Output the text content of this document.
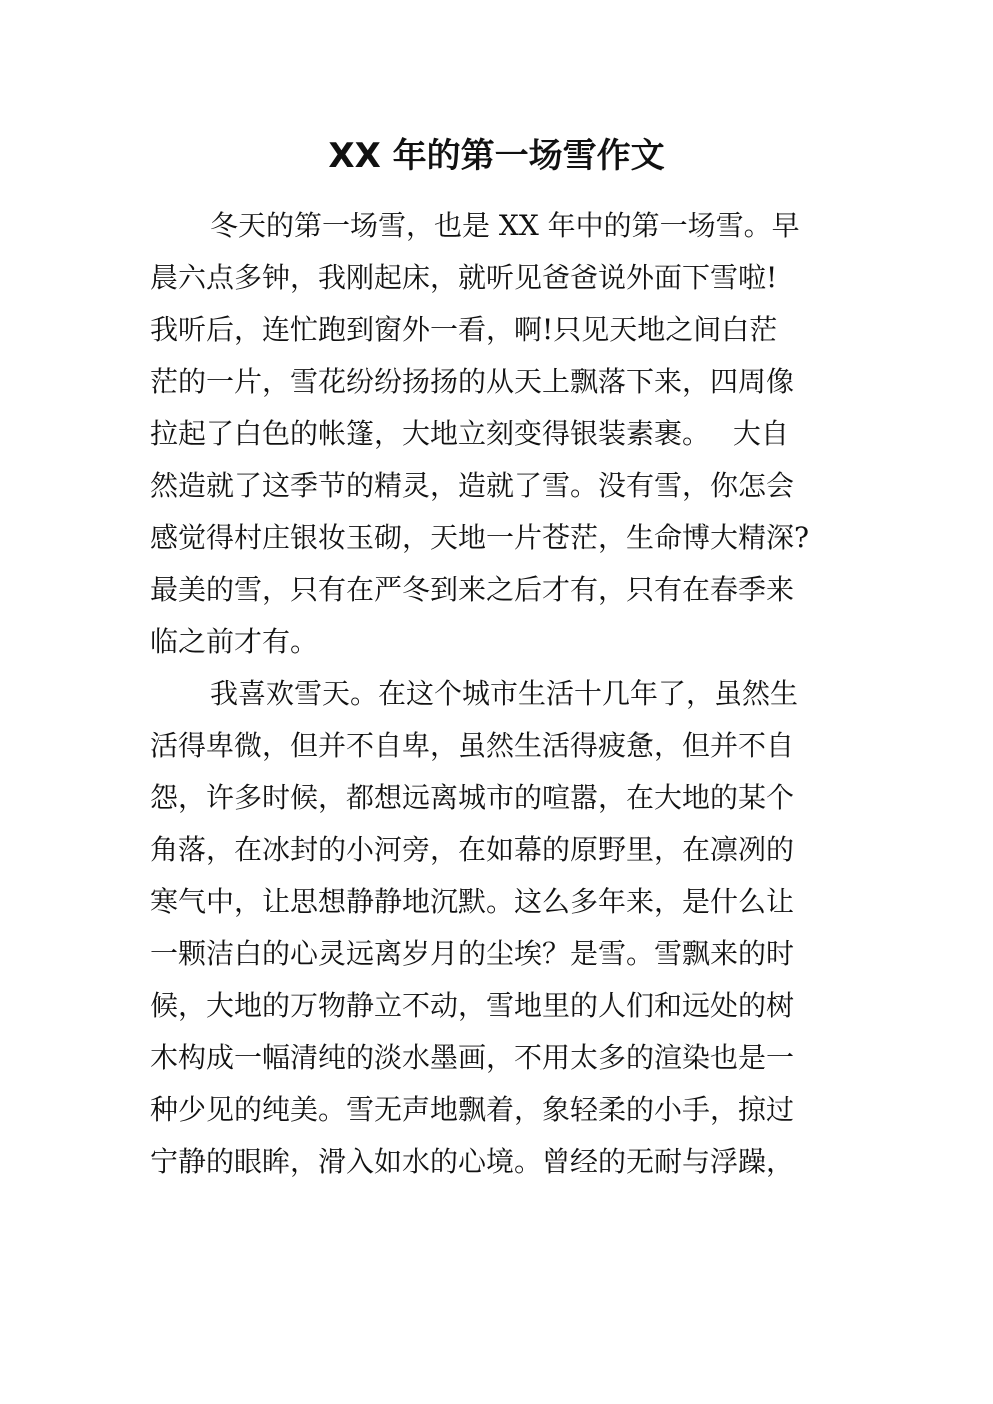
XX 年的第一场雪作文
冬天的第一场雪，也是 XX 年中的第一场雪。早
晨六点多钟，我刚起床，就听见爸爸说外面下雪啦!
我听后，连忙跑到窗外一看，啊!只见天地之间白茫
茫的一片，雪花纷纷扬扬的从天上飘落下来，四周像
拉起了白色的帐篷，大地立刻变得银装素裹。　 大自
然造就了这季节的精灵，造就了雪。没有雪，你怎会
感觉得村庄银妆玉砌，天地一片苍茫，生命博大精深?
最美的雪，只有在严冬到来之后才有，只有在春季来
临之前才有。
我喜欢雪天。在这个城市生活十几年了，虽然生
活得卑微，但并不自卑，虽然生活得疲惫，但并不自
怨，许多时候，都想远离城市的喧嚣，在大地的某个
角落，在冰封的小河旁，在如幕的原野里，在凛冽的
寒气中，让思想静静地沉默。这么多年来，是什么让
一颗洁白的心灵远离岁月的尘埃？是雪。雪飘来的时
候，大地的万物静立不动，雪地里的人们和远处的树
木构成一幅清纯的淡水墨画，不用太多的渲染也是一
种少见的纯美。雪无声地飘着，象轻柔的小手，掠过
宁静的眼眸，滑入如水的心境。曾经的无耐与浮躁，
